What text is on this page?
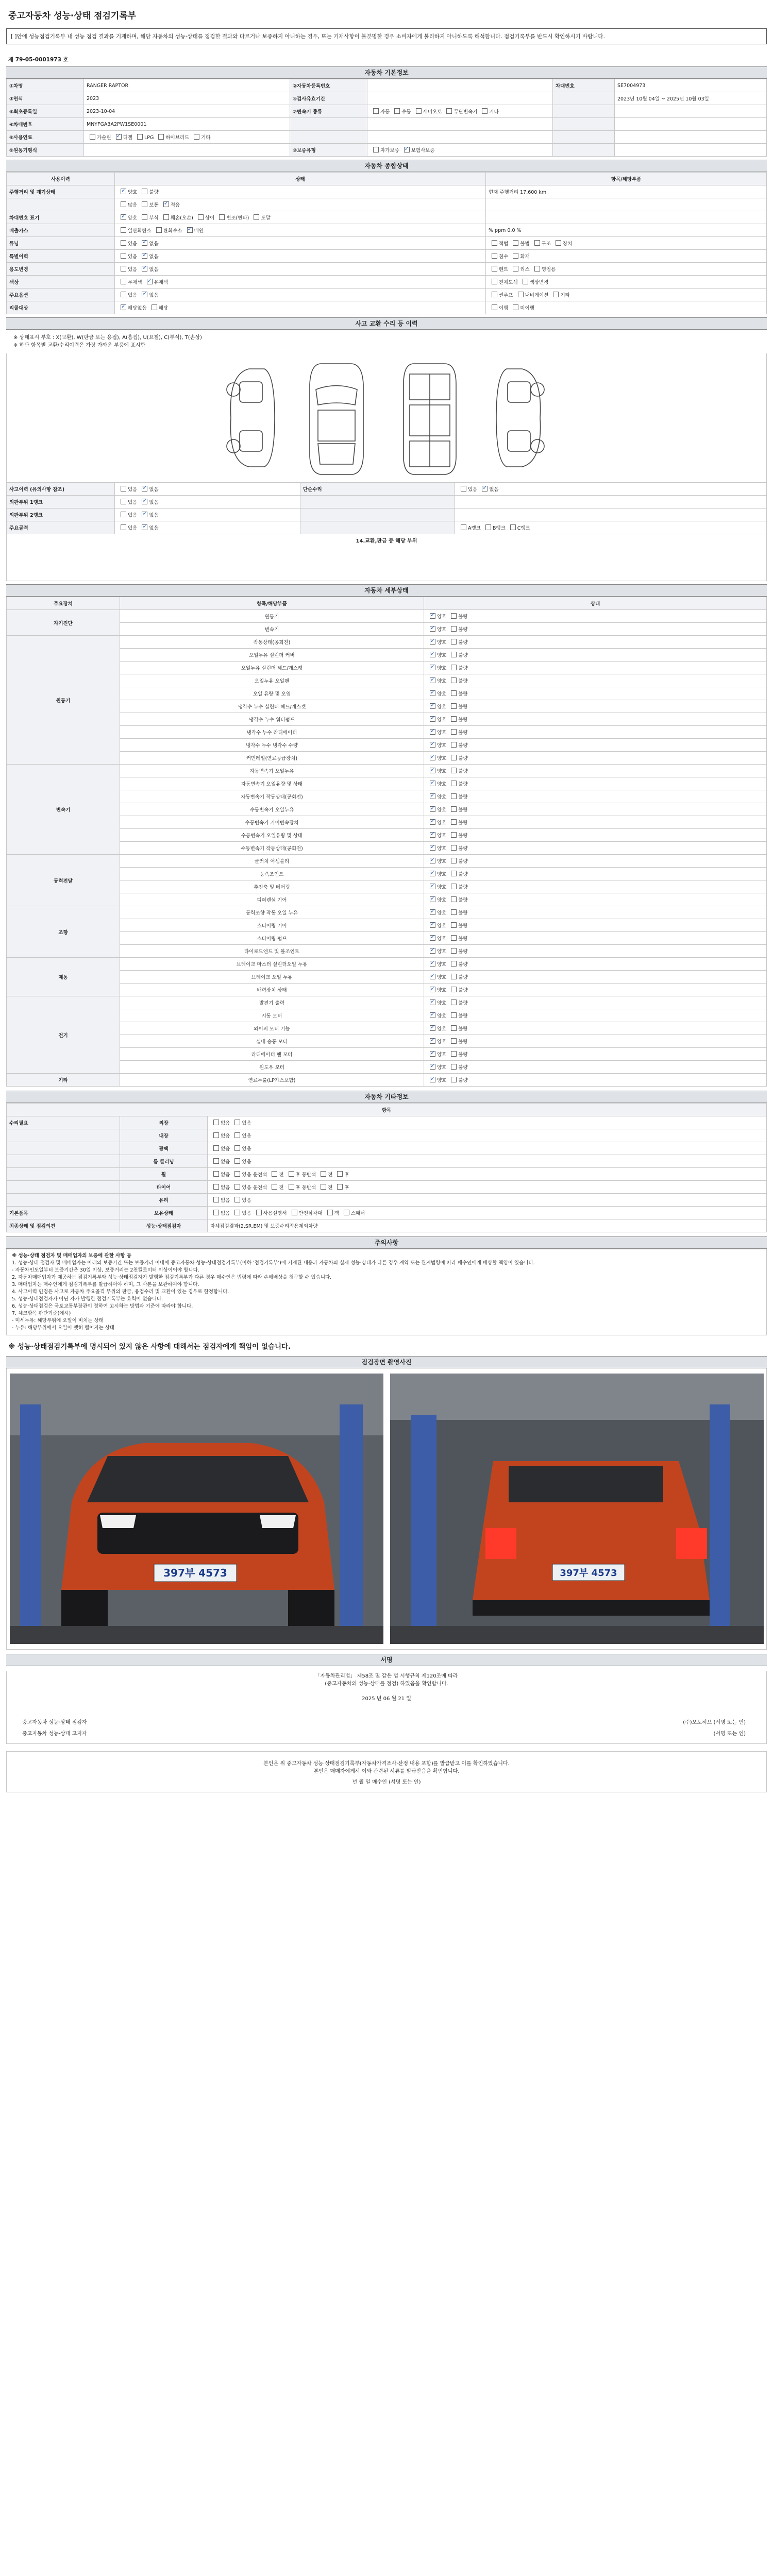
중고자동차 성능·상태 점검기록부
[ ]안에 성능점검기록부 내 성능 점검 결과를 기재하며, 해당 자동차의 성능·상태를 점검한 결과와 다르거나 보증하지 아니하는 경우, 또는 기재사항이 불분명한 경우 소비자에게 불리하지 아니하도록 해석합니다. 점검기록부를 반드시 확인하시기 바랍니다.
제 79-05-0001973 호
자동차 기본정보
①차명	RANGER RAPTOR	②자동차등록번호		차대번호	SE7004973
③연식	2023	④검사유효기간			2023년 10월 04일 ~ 2025년 10월 03일
⑤최초등록일	2023-10-04	⑦변속기 종류	자동 수동 세미오토 무단변속기 기타		
⑥차대번호	MNYFGA3A2PW1SE0001				
⑧사용연료	가솔린 ✓디젤 LPG 하이브리드 기타				
⑨원동기형식		⑩보증유형	자가보증 ✓보험사보증		
자동차 종합상태
사용이력	상태	항목/해당부품
주행거리 및 계기상태	✓양호 불량	현재 주행거리 17,600 km
	많음 보통 ✓적음	
차대번호 표기	✓양호 부식 훼손(오손) 상이 변조(변타) 도말	
배출가스	일산화탄소 탄화수소 ✓매연	% ppm 0.0 %
튜닝	있음 ✓없음	적법 불법 구조 장치
특별이력	있음 ✓없음	침수 화재
용도변경	있음 ✓없음	렌트 리스 영업용
색상	무채색 ✓유채색	전체도색 색상변경
주요옵션	있음 ✓없음	썬루프 내비게이션 기타
리콜대상	✓해당없음 해당	이행 미이행
사고 교환 수리 등 이력
※ 상태표시 부호 : X(교환), W(판금 또는 용접), A(흠집), U(요철), C(부식), T(손상)
※ 하단 항목별 교환/수리이력은 가장 가까운 부품에 표시함
사고이력 (유의사항 참조)	있음 ✓없음	단순수리	있음 ✓없음
외판부위 1랭크	있음 ✓없음		
외판부위 2랭크	있음 ✓없음		
주요골격	있음 ✓없음		A랭크 B랭크 C랭크
14.교환,판금 등 해당 부위
자동차 세부상태
주요장치	항목/해당부품	상태
자기진단	원동기	✓양호 불량
	변속기	✓양호 불량
원동기	작동상태(공회전)	✓양호 불량
	오일누유 실린더 커버	✓양호 불량
	오일누유 실린더 헤드/개스켓	✓양호 불량
	오일누유 오일팬	✓양호 불량
	오일 유량 및 오염	✓양호 불량
	냉각수 누수 실린더 헤드/개스켓	✓양호 불량
	냉각수 누수 워터펌프	✓양호 불량
	냉각수 누수 라디에이터	✓양호 불량
	냉각수 누수 냉각수 수량	✓양호 불량
	커먼레일(연료공급장치)	✓양호 불량
변속기	자동변속기 오일누유	✓양호 불량
	자동변속기 오일유량 및 상태	✓양호 불량
	자동변속기 작동상태(공회전)	✓양호 불량
	수동변속기 오일누유	✓양호 불량
	수동변속기 기어변속장치	✓양호 불량
	수동변속기 오일유량 및 상태	✓양호 불량
	수동변속기 작동상태(공회전)	✓양호 불량
동력전달	클러치 어셈블리	✓양호 불량
	등속조인트	✓양호 불량
	추진축 및 베어링	✓양호 불량
	디퍼렌셜 기어	✓양호 불량
조향	동력조향 작동 오일 누유	✓양호 불량
	스티어링 기어	✓양호 불량
	스티어링 펌프	✓양호 불량
	타이로드엔드 및 볼조인트	✓양호 불량
제동	브레이크 마스터 실린더오일 누유	✓양호 불량
	브레이크 오일 누유	✓양호 불량
	배력장치 상태	✓양호 불량
전기	발전기 출력	✓양호 불량
	시동 모터	✓양호 불량
	와이퍼 모터 기능	✓양호 불량
	실내 송풍 모터	✓양호 불량
	라디에이터 팬 모터	✓양호 불량
	윈도우 모터	✓양호 불량
기타	연료누출(LP가스포함)	✓양호 불량
자동차 기타정보
항목		
수리필요	외장	없음 있음
	내장	없음 있음
	광택	없음 있음
	룸 클리닝	없음 있음
	휠	없음 있음 운전석 전 후 동반석 전 후
	타이어	없음 있음 운전석 전 후 동반석 전 후
	유리	없음 있음
기본품목	보유상태	없음 있음 사용설명서 안전삼각대 잭 스패너
최종상태 및 점검의견	성능·상태점검자	자체점검결과(2,SR,EM) 및 보증수리적용제외차량
주의사항

※ 성능·상태 점검자 및 매매업자의 보증에 관한 사항 등

1. 성능·상태 점검자 및 매매업자는 아래의 보증기간 또는 보증거리 이내에 중고자동차 성능·상태점검기록부(이하 '점검기록부')에 기재된 내용과 자동차의 실제 성능·상태가 다른 경우 계약 또는 관계법령에 따라 매수인에게 배상할 책임이 있습니다.

- 자동차인도일부터 보증기간은 30일 이상, 보증거리는 2천킬로미터 이상이어야 합니다.

2. 자동차매매업자가 제공하는 점검기록부와 성능·상태점검자가 발행한 점검기록부가 다른 경우 매수인은 법령에 따라 손해배상을 청구할 수 있습니다.

3. 매매업자는 매수인에게 점검기록부를 발급하여야 하며, 그 사본을 보관하여야 합니다.

4. 사고이력 인정은 사고로 자동차 주요골격 부위의 판금, 용접수리 및 교환이 있는 경우로 한정합니다.

5. 성능·상태점검자가 아닌 자가 발행한 점검기록부는 효력이 없습니다.

6. 성능·상태점검은 국토교통부장관이 정하여 고시하는 방법과 기준에 따라야 합니다.

7. 체크항목 판단기준(예시)

- 미세누유: 해당부위에 오일이 비치는 상태

- 누유: 해당부위에서 오일이 맺혀 떨어지는 상태

※ 성능·상태점검기록부에 명시되어 있지 않은 사항에 대해서는 점검자에게 책임이 없습니다.
점검장면 촬영사진
397부 4573	397부 4573
서명
「자동차관리법」 제58조 및 같은 법 시행규칙 제120조에 따라
(중고자동차의 성능·상태를 점검) 하였음을 확인합니다.
2025 년 06 월 21 일
중고자동차 성능·상태 점검자	(주)오토허브 (서명 또는 인)
중고자동차 성능·상태 고지자	(서명 또는 인)
본인은 위 중고자동차 성능·상태점검기록부(자동차가격조사·산정 내용 포함)를 발급받고 이를 확인하였습니다.
본인은 매매자에게서 이와 관련된 서류를 발급받음을 확인합니다.
년 월 일 매수인 (서명 또는 인)
